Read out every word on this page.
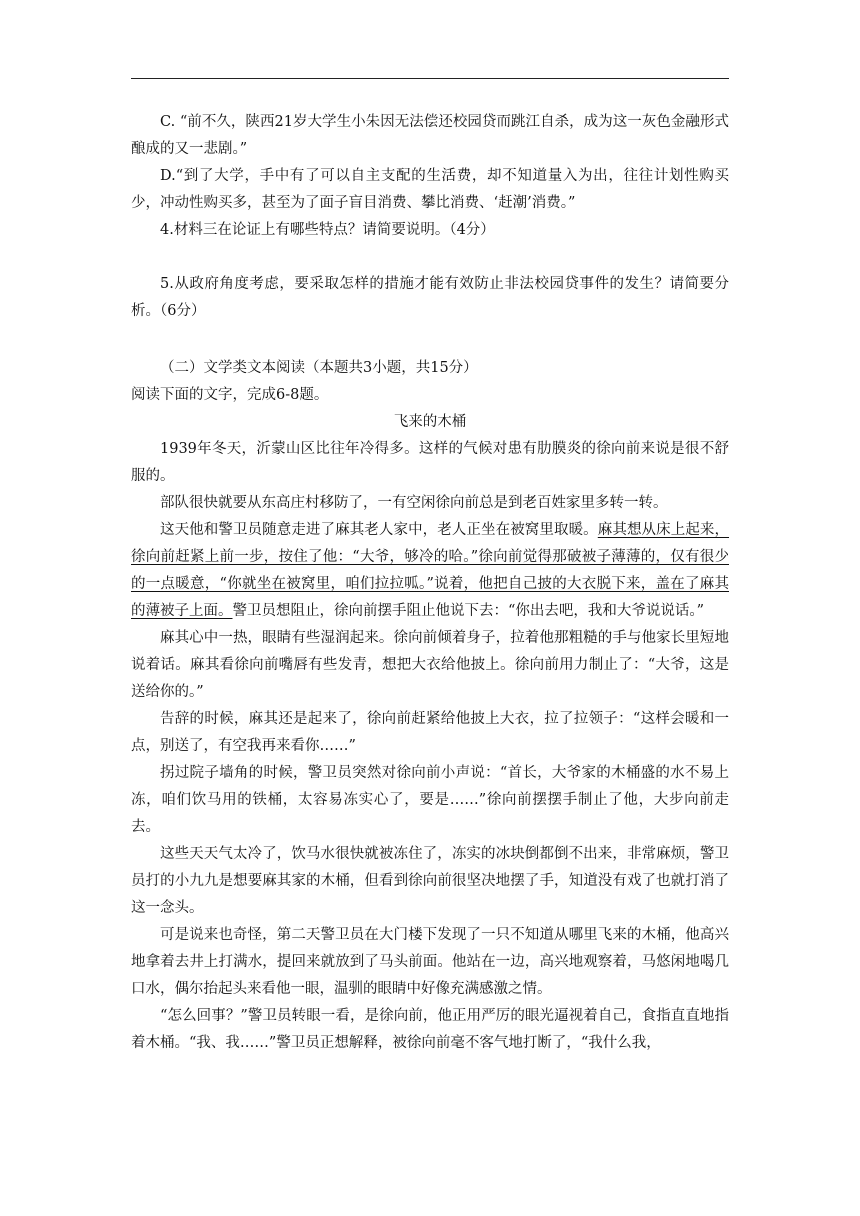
C. “前不久，陕西21岁大学生小朱因无法偿还校园贷而跳江自杀，成为这一灰色金融形式酿成的又一悲剧。”

D.“到了大学，手中有了可以自主支配的生活费，却不知道量入为出，往往计划性购买少，冲动性购买多，甚至为了面子盲目消费、攀比消费、‘赶潮’消费。”

4.材料三在论证上有哪些特点？请简要说明。（4分）

5.从政府角度考虑，要采取怎样的措施才能有效防止非法校园贷事件的发生？请简要分析。（6分）

（二）文学类文本阅读（本题共3小题，共15分）

阅读下面的文字，完成6-8题。

飞来的木桶

1939年冬天，沂蒙山区比往年冷得多。这样的气候对患有肋膜炎的徐向前来说是很不舒服的。

部队很快就要从东高庄村移防了，一有空闲徐向前总是到老百姓家里多转一转。

这天他和警卫员随意走进了麻其老人家中，老人正坐在被窝里取暖。麻其想从床上起来，徐向前赶紧上前一步，按住了他：“大爷，够冷的哈。”徐向前觉得那破被子薄薄的，仅有很少的一点暖意，“你就坐在被窝里，咱们拉拉呱。”说着，他把自己披的大衣脱下来，盖在了麻其的薄被子上面。警卫员想阻止，徐向前摆手阻止他说下去：“你出去吧，我和大爷说说话。”

麻其心中一热，眼睛有些湿润起来。徐向前倾着身子，拉着他那粗糙的手与他家长里短地说着话。麻其看徐向前嘴唇有些发青，想把大衣给他披上。徐向前用力制止了：“大爷，这是送给你的。”

告辞的时候，麻其还是起来了，徐向前赶紧给他披上大衣，拉了拉领子：“这样会暖和一点，别送了，有空我再来看你……”

拐过院子墙角的时候，警卫员突然对徐向前小声说：“首长，大爷家的木桶盛的水不易上冻，咱们饮马用的铁桶，太容易冻实心了，要是……”徐向前摆摆手制止了他，大步向前走去。

这些天天气太冷了，饮马水很快就被冻住了，冻实的冰块倒都倒不出来，非常麻烦，警卫员打的小九九是想要麻其家的木桶，但看到徐向前很坚决地摆了手，知道没有戏了也就打消了这一念头。

可是说来也奇怪，第二天警卫员在大门楼下发现了一只不知道从哪里飞来的木桶，他高兴地拿着去井上打满水，提回来就放到了马头前面。他站在一边，高兴地观察着，马悠闲地喝几口水，偶尔抬起头来看他一眼，温驯的眼睛中好像充满感激之情。

“怎么回事？”警卫员转眼一看，是徐向前，他正用严厉的眼光逼视着自己，食指直直地指着木桶。“我、我……”警卫员正想解释，被徐向前毫不客气地打断了，“我什么我，
